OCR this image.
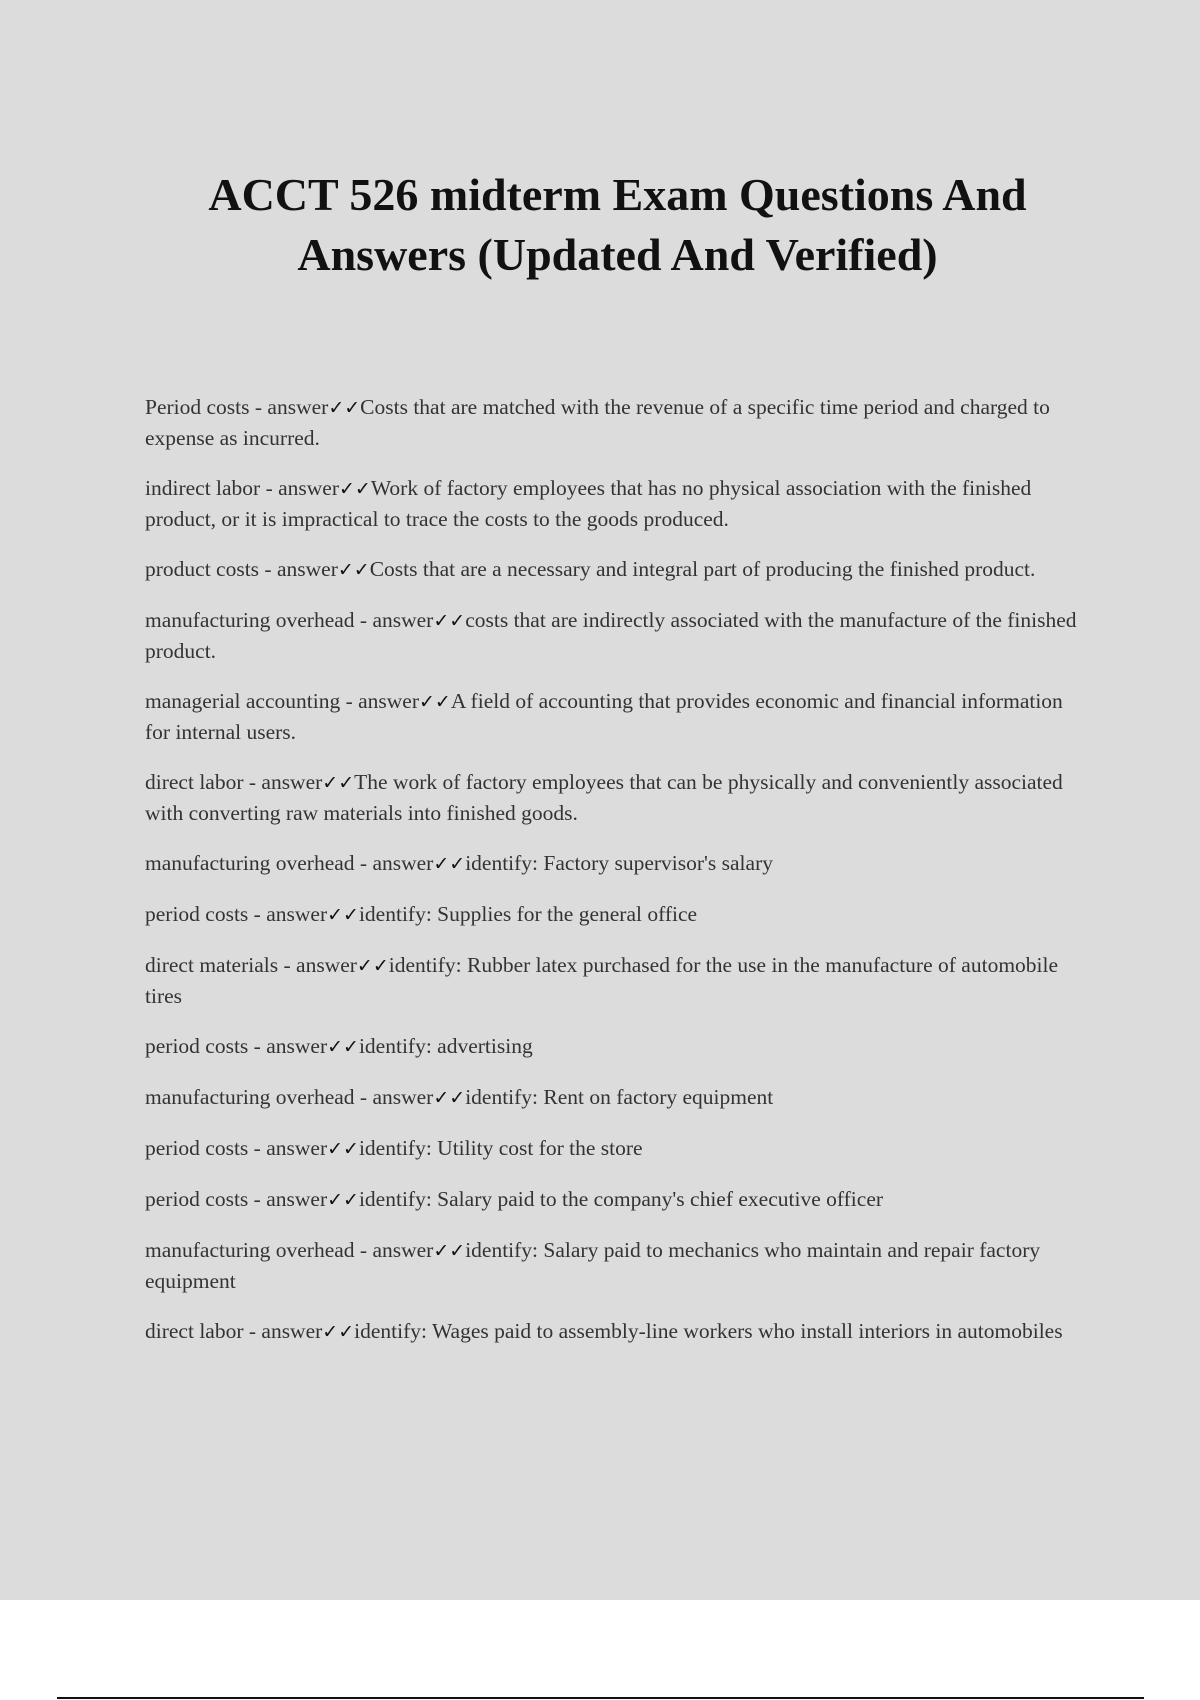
ACCT 526 midterm Exam Questions And Answers (Updated And Verified)
Period costs - answer✓✓Costs that are matched with the revenue of a specific time period and charged to expense as incurred.
indirect labor - answer✓✓Work of factory employees that has no physical association with the finished product, or it is impractical to trace the costs to the goods produced.
product costs - answer✓✓Costs that are a necessary and integral part of producing the finished product.
manufacturing overhead - answer✓✓costs that are indirectly associated with the manufacture of the finished product.
managerial accounting - answer✓✓A field of accounting that provides economic and financial information for internal users.
direct labor - answer✓✓The work of factory employees that can be physically and conveniently associated with converting raw materials into finished goods.
manufacturing overhead - answer✓✓identify: Factory supervisor's salary
period costs - answer✓✓identify: Supplies for the general office
direct materials - answer✓✓identify: Rubber latex purchased for the use in the manufacture of automobile tires
period costs - answer✓✓identify: advertising
manufacturing overhead - answer✓✓identify: Rent on factory equipment
period costs - answer✓✓identify: Utility cost for the store
period costs - answer✓✓identify: Salary paid to the company's chief executive officer
manufacturing overhead - answer✓✓identify: Salary paid to mechanics who maintain and repair factory equipment
direct labor - answer✓✓identify: Wages paid to assembly-line workers who install interiors in automobiles
